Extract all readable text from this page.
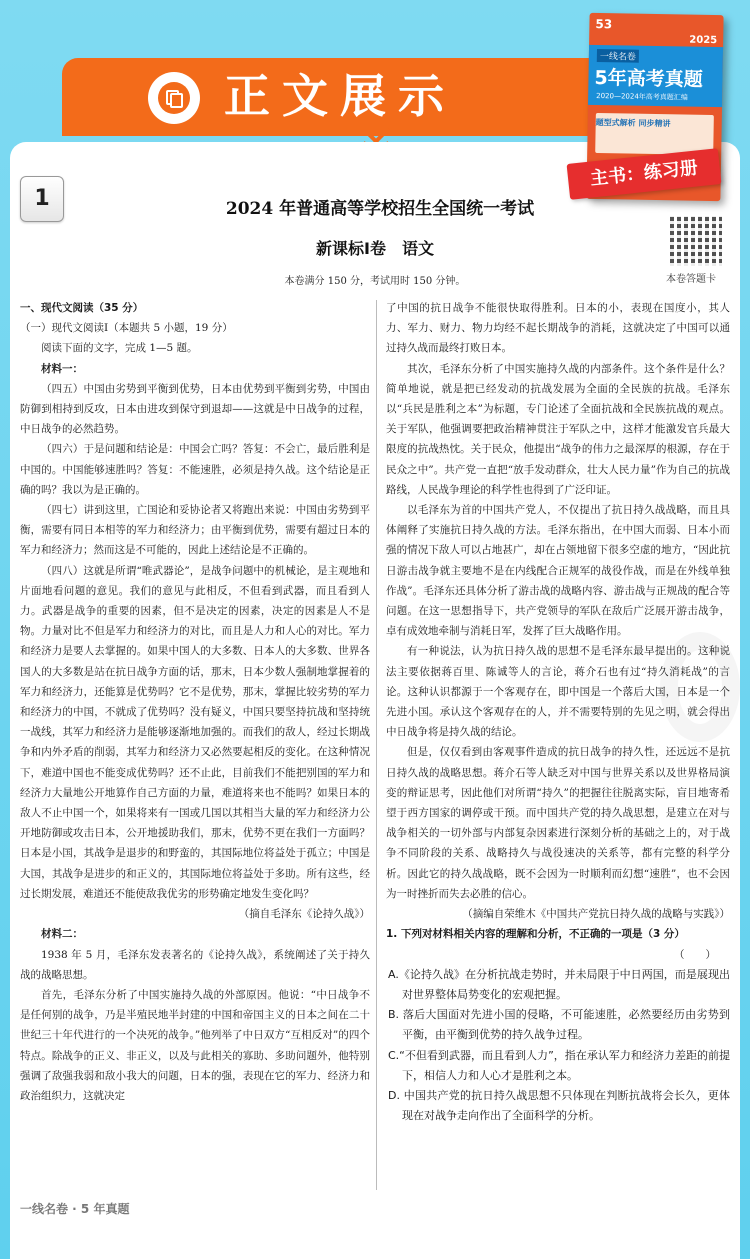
正文展示
53
2025
一线名卷
5年高考真题
2020—2024年高考真题汇编
题型式解析 同步精讲
主书：练习册
1	2024 年普通高等学校招生全国统一考试
新课标Ⅰ卷　语文
本卷满分 150 分，考试用时 150 分钟。	本卷答题卡

一、现代文阅读（35 分）

（一）现代文阅读Ⅰ（本题共 5 小题，19 分）

阅读下面的文字，完成 1—5 题。

材料一：

（四五）中国由劣势到平衡到优势，日本由优势到平衡到劣势，中国由防御到相持到反攻，日本由进攻到保守到退却——这就是中日战争的过程，中日战争的必然趋势。

（四六）于是问题和结论是：中国会亡吗？答复：不会亡，最后胜利是中国的。中国能够速胜吗？答复：不能速胜，必须是持久战。这个结论是正确的吗？我以为是正确的。

（四七）讲到这里，亡国论和妥协论者又将跑出来说：中国由劣势到平衡，需要有同日本相等的军力和经济力；由平衡到优势，需要有超过日本的军力和经济力；然而这是不可能的，因此上述结论是不正确的。

（四八）这就是所谓“唯武器论”，是战争问题中的机械论，是主观地和片面地看问题的意见。我们的意见与此相反，不但看到武器，而且看到人力。武器是战争的重要的因素，但不是决定的因素，决定的因素是人不是物。力量对比不但是军力和经济力的对比，而且是人力和人心的对比。军力和经济力是要人去掌握的。如果中国人的大多数、日本人的大多数、世界各国人的大多数是站在抗日战争方面的话，那末，日本少数人强制地掌握着的军力和经济力，还能算是优势吗？它不是优势，那末，掌握比较劣势的军力和经济力的中国，不就成了优势吗？没有疑义，中国只要坚持抗战和坚持统一战线，其军力和经济力是能够逐渐地加强的。而我们的敌人，经过长期战争和内外矛盾的削弱，其军力和经济力又必然要起相反的变化。在这种情况下，难道中国也不能变成优势吗？还不止此，目前我们不能把别国的军力和经济力大量地公开地算作自己方面的力量，难道将来也不能吗？如果日本的敌人不止中国一个，如果将来有一国或几国以其相当大量的军力和经济力公开地防御或攻击日本，公开地援助我们，那末，优势不更在我们一方面吗？日本是小国，其战争是退步的和野蛮的，其国际地位将益处于孤立；中国是大国，其战争是进步的和正义的，其国际地位将益处于多助。所有这些，经过长期发展，难道还不能使敌我优劣的形势确定地发生变化吗？

（摘自毛泽东《论持久战》）

材料二：

1938 年 5 月，毛泽东发表著名的《论持久战》，系统阐述了关于持久战的战略思想。

首先，毛泽东分析了中国实施持久战的外部原因。他说：“中日战争不是任何别的战争，乃是半殖民地半封建的中国和帝国主义的日本之间在二十世纪三十年代进行的一个决死的战争。”他列举了中日双方“互相反对”的四个特点。除战争的正义、非正义，以及与此相关的寡助、多助问题外，他特别强调了敌强我弱和敌小我大的问题，日本的强，表现在它的军力、经济力和政治组织力，这就决定

了中国的抗日战争不能很快取得胜利。日本的小，表现在国度小，其人力、军力、财力、物力均经不起长期战争的消耗，这就决定了中国可以通过持久战而最终打败日本。

其次，毛泽东分析了中国实施持久战的内部条件。这个条件是什么？简单地说，就是把已经发动的抗战发展为全面的全民族的抗战。毛泽东以“兵民是胜利之本”为标题，专门论述了全面抗战和全民族抗战的观点。关于军队，他强调要把政治精神贯注于军队之中，这样才能激发官兵最大限度的抗战热忱。关于民众，他提出“战争的伟力之最深厚的根源，存在于民众之中”。共产党一直把“放手发动群众，壮大人民力量”作为自己的抗战路线，人民战争理论的科学性也得到了广泛印证。

以毛泽东为首的中国共产党人，不仅提出了抗日持久战战略，而且具体阐释了实施抗日持久战的方法。毛泽东指出，在中国大而弱、日本小而强的情况下敌人可以占地甚广，却在占领地留下很多空虚的地方，“因此抗日游击战争就主要地不是在内线配合正规军的战役作战，而是在外线单独作战”。毛泽东还具体分析了游击战的战略内容、游击战与正规战的配合等问题。在这一思想指导下，共产党领导的军队在敌后广泛展开游击战争，卓有成效地牵制与消耗日军，发挥了巨大战略作用。

有一种说法，认为抗日持久战的思想不是毛泽东最早提出的。这种说法主要依据蒋百里、陈诚等人的言论，蒋介石也有过“持久消耗战”的言论。这种认识都源于一个客观存在，即中国是一个落后大国，日本是一个先进小国。承认这个客观存在的人，并不需要特别的先见之明，就会得出中日战争将是持久战的结论。

但是，仅仅看到由客观事件造成的抗日战争的持久性，还远远不是抗日持久战的战略思想。蒋介石等人缺乏对中国与世界关系以及世界格局演变的辩证思考，因此他们对所谓“持久”的把握往往脱离实际，盲目地寄希望于西方国家的调停或干预。而中国共产党的持久战思想，是建立在对与战争相关的一切外部与内部复杂因素进行深刻分析的基础之上的，对于战争不同阶段的关系、战略持久与战役速决的关系等，都有完整的科学分析。因此它的持久战战略，既不会因为一时顺利而幻想“速胜”，也不会因为一时挫折而失去必胜的信心。

（摘编自荣维木《中国共产党抗日持久战的战略与实践》）

1. 下列对材料相关内容的理解和分析，不正确的一项是（3 分）

（　　）

A.《论持久战》在分析抗战走势时，并未局限于中日两国，而是展现出对世界整体局势变化的宏观把握。

B. 落后大国面对先进小国的侵略，不可能速胜，必然要经历由劣势到平衡，由平衡到优势的持久战争过程。

C.“不但看到武器，而且看到人力”，指在承认军力和经济力差距的前提下，相信人力和人心才是胜利之本。

D. 中国共产党的抗日持久战思想不只体现在判断抗战将会长久，更体现在对战争走向作出了全面科学的分析。

一线名卷 · 5 年真题
